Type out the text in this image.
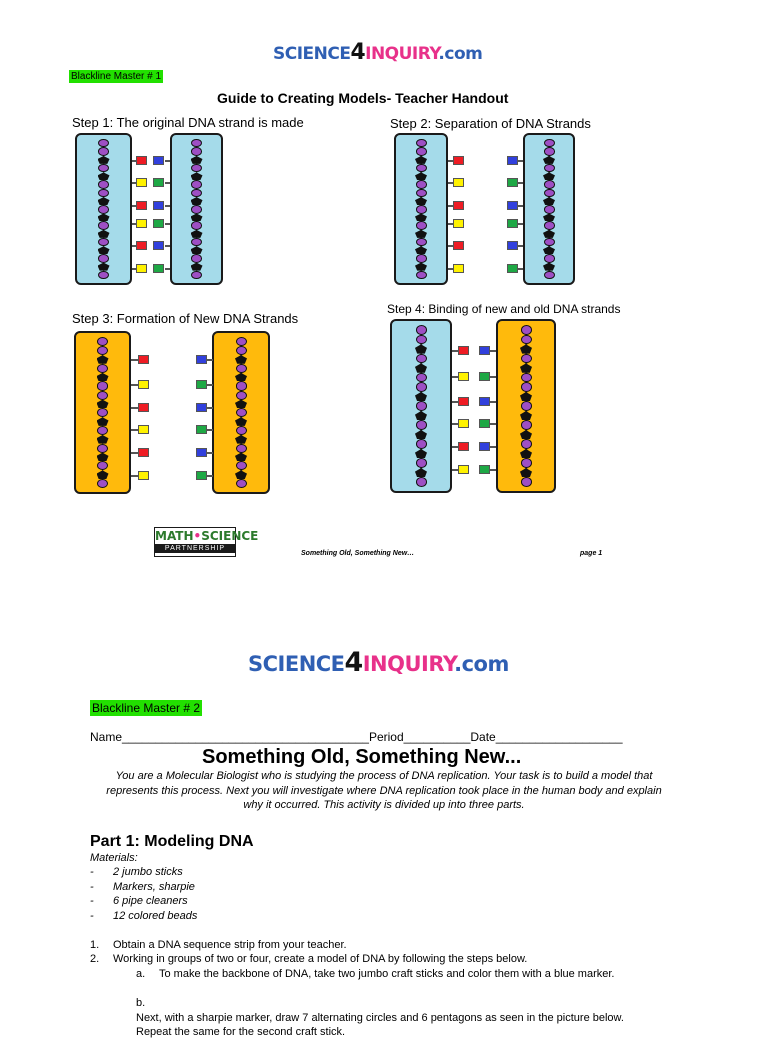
SCIENCE4INQUIRY.com
Blackline Master # 1
Guide to Creating Models- Teacher Handout
Step 1: The original DNA strand is made	Step 2: Separation of DNA Strands
Step 3: Formation of New DNA Strands
Step 4: Binding of new and old DNA strands
MATH•SCIENCE
PARTNERSHIP
Something Old, Something New…	page 1
SCIENCE4INQUIRY.com
Blackline Master # 2
Name_____________________________________Period__________Date___________________
Something Old, Something New...
You are a Molecular Biologist who is studying the process of DNA replication. Your task is to build a model that represents this process. Next you will investigate where DNA replication took place in the human body and explain why it occurred. This activity is divided up into three parts.
Part 1: Modeling DNA
Materials:
- 2 jumbo sticks
- Markers, sharpie
- 6 pipe cleaners
- 12 colored beads
1. Obtain a DNA sequence strip from your teacher.
2. Working in groups of two or four, create a model of DNA by following the steps below.
a. To make the backbone of DNA, take two jumbo craft sticks and color them with a blue marker.
b.Next, with a sharpie marker, draw 7 alternating circles and 6 pentagons as seen in the picture below. Repeat the same for the second craft stick.
